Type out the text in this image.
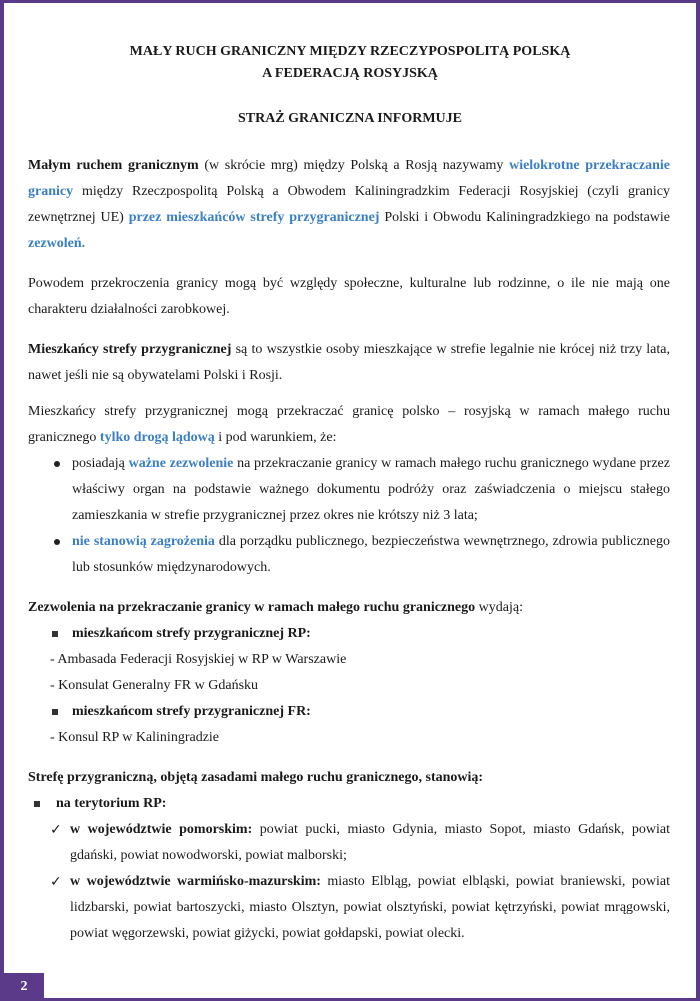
MAŁY RUCH GRANICZNY MIĘDZY RZECZYPOSPOLITĄ POLSKĄ
A FEDERACJĄ ROSYJSKĄ
STRAŻ GRANICZNA INFORMUJE

Małym ruchem granicznym (w skrócie mrg) między Polską a Rosją nazywamy wielokrotne przekraczanie granicy między Rzeczpospolitą Polską a Obwodem Kaliningradzkim Federacji Rosyjskiej (czyli granicy zewnętrznej UE) przez mieszkańców strefy przygranicznej Polski i Obwodu Kaliningradzkiego na podstawie zezwoleń.

Powodem przekroczenia granicy mogą być względy społeczne, kulturalne lub rodzinne, o ile nie mają one charakteru działalności zarobkowej.

Mieszkańcy strefy przygranicznej są to wszystkie osoby mieszkające w strefie legalnie nie krócej niż trzy lata, nawet jeśli nie są obywatelami Polski i Rosji.

Mieszkańcy strefy przygranicznej mogą przekraczać granicę polsko – rosyjską w ramach małego ruchu granicznego tylko drogą lądową i pod warunkiem, że:

posiadają ważne zezwolenie na przekraczanie granicy w ramach małego ruchu granicznego wydane przez właściwy organ na podstawie ważnego dokumentu podróży oraz zaświadczenia o miejscu stałego zamieszkania w strefie przygranicznej przez okres nie krótszy niż 3 lata;
nie stanowią zagrożenia dla porządku publicznego, bezpieczeństwa wewnętrznego, zdrowia publicznego lub stosunków międzynarodowych.

Zezwolenia na przekraczanie granicy w ramach małego ruchu granicznego wydają:

mieszkańcom strefy przygranicznej RP:
- Ambasada Federacji Rosyjskiej w RP w Warszawie
- Konsulat Generalny FR w Gdańsku
mieszkańcom strefy przygranicznej FR:
- Konsul RP w Kaliningradzie

Strefę przygraniczną, objętą zasadami małego ruchu granicznego, stanowią:

na terytorium RP:
✓ w województwie pomorskim: powiat pucki, miasto Gdynia, miasto Sopot, miasto Gdańsk, powiat gdański, powiat nowodworski, powiat malborski;
✓ w województwie warmińsko-mazurskim: miasto Elbląg, powiat elbląski, powiat braniewski, powiat lidzbarski, powiat bartoszycki, miasto Olsztyn, powiat olsztyński, powiat kętrzyński, powiat mrągowski, powiat węgorzewski, powiat giżycki, powiat gołdapski, powiat olecki.
2
